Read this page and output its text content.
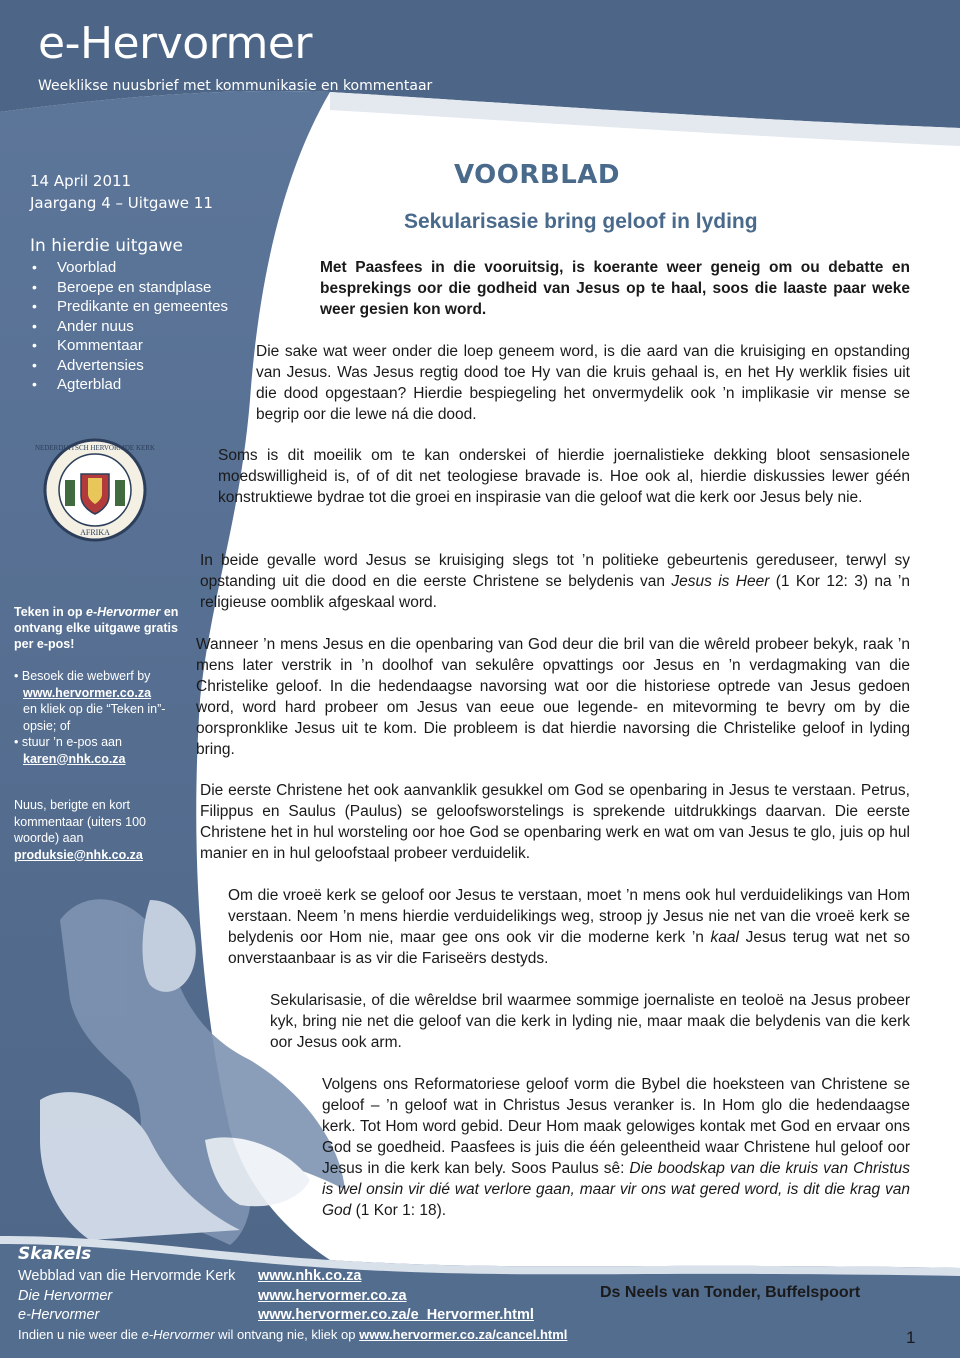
NEDERDUITSCH HERVORMDE KERK
AFRIKA
e-Hervormer
Weeklikse nuusbrief met kommunikasie en kommentaar
14 April 2011
Jaargang 4 – Uitgawe 11
In hierdie uitgawe
• Voorblad
• Beroepe en standplase
• Predikante en gemeentes
• Ander nuus
• Kommentaar
• Advertensies
• Agterblad
Teken in op e-Hervormer en ontvang elke uitgawe gratis per e-pos!
• Besoek die webwerf by
www.hervormer.co.za
en kliek op die “Teken in”-opsie; of
• stuur ’n e-pos aan
karen@nhk.co.za
Nuus, berigte en kort kommentaar (uiters 100 woorde) aan
produksie@nhk.co.za
VOORBLAD
Sekularisasie bring geloof in lyding
Met Paasfees in die vooruitsig, is koerante weer geneig om ou debatte en besprekings oor die godheid van Jesus op te haal, soos die laaste paar weke weer gesien kon word.
Die sake wat weer onder die loep geneem word, is die aard van die kruisiging en opstanding van Jesus. Was Jesus regtig dood toe Hy van die kruis gehaal is, en het Hy werklik fisies uit die dood opgestaan? Hierdie bespiegeling het onvermydelik ook ’n implikasie vir mense se begrip oor die lewe ná die dood.
Soms is dit moeilik om te kan onderskei of hierdie joernalistieke dekking bloot sensasionele moedswilligheid is, of of dit net teologiese bravade is. Hoe ook al, hierdie diskussies lewer géén konstruktiewe bydrae tot die groei en inspirasie van die geloof wat die kerk oor Jesus bely nie.
In beide gevalle word Jesus se kruisiging slegs tot ’n politieke gebeurtenis gereduseer, terwyl sy opstanding uit die dood en die eerste Christene se belydenis van Jesus is Heer (1 Kor 12: 3) na ’n religieuse oomblik afgeskaal word.
Wanneer ’n mens Jesus en die openbaring van God deur die bril van die wêreld probeer bekyk, raak ’n mens later verstrik in ’n doolhof van sekulêre opvattings oor Jesus en ’n verdagmaking van die Christelike geloof. In die hedendaagse navorsing wat oor die historiese optrede van Jesus gedoen word, word hard probeer om Jesus van eeue oue legende- en mitevorming te bevry om by die oorspronklike Jesus uit te kom. Die probleem is dat hierdie navorsing die Christelike geloof in lyding bring.
Die eerste Christene het ook aanvanklik gesukkel om God se openbaring in Jesus te verstaan. Petrus, Filippus en Saulus (Paulus) se geloofsworstelings is sprekende uitdrukkings daarvan. Die eerste Christene het in hul worsteling oor hoe God se openbaring werk en wat om van Jesus te glo, juis op hul manier en in hul geloofstaal probeer verduidelik.
Om die vroeë kerk se geloof oor Jesus te verstaan, moet ’n mens ook hul verduidelikings van Hom verstaan. Neem ’n mens hierdie verduidelikings weg, stroop jy Jesus nie net van die vroeë kerk se belydenis oor Hom nie, maar gee ons ook vir die moderne kerk ’n kaal Jesus terug wat net so onverstaanbaar is as vir die Fariseërs destyds.
Sekularisasie, of die wêreldse bril waarmee sommige joernaliste en teoloë na Jesus probeer kyk, bring nie net die geloof van die kerk in lyding nie, maar maak die belydenis van die kerk oor Jesus ook arm.
Volgens ons Reformatoriese geloof vorm die Bybel die hoeksteen van Christene se geloof – ’n geloof wat in Christus Jesus veranker is. In Hom glo die hedendaagse kerk. Tot Hom word gebid. Deur Hom maak gelowiges kontak met God en ervaar ons God se goedheid. Paasfees is juis die één geleentheid waar Christene hul geloof oor Jesus in die kerk kan bely. Soos Paulus sê: Die boodskap van die kruis van Christus is wel onsin vir dié wat verlore gaan, maar vir ons wat gered word, is dit die krag van God (1 Kor 1: 18).
Ds Neels van Tonder, Buffelspoort
Skakels
Webblad van die Hervormde Kerk	www.nhk.co.za
Die Hervormer	www.hervormer.co.za
e-Hervormer	www.hervormer.co.za/e_Hervormer.html
Indien u nie weer die e-Hervormer wil ontvang nie, kliek op www.hervormer.co.za/cancel.html	1
